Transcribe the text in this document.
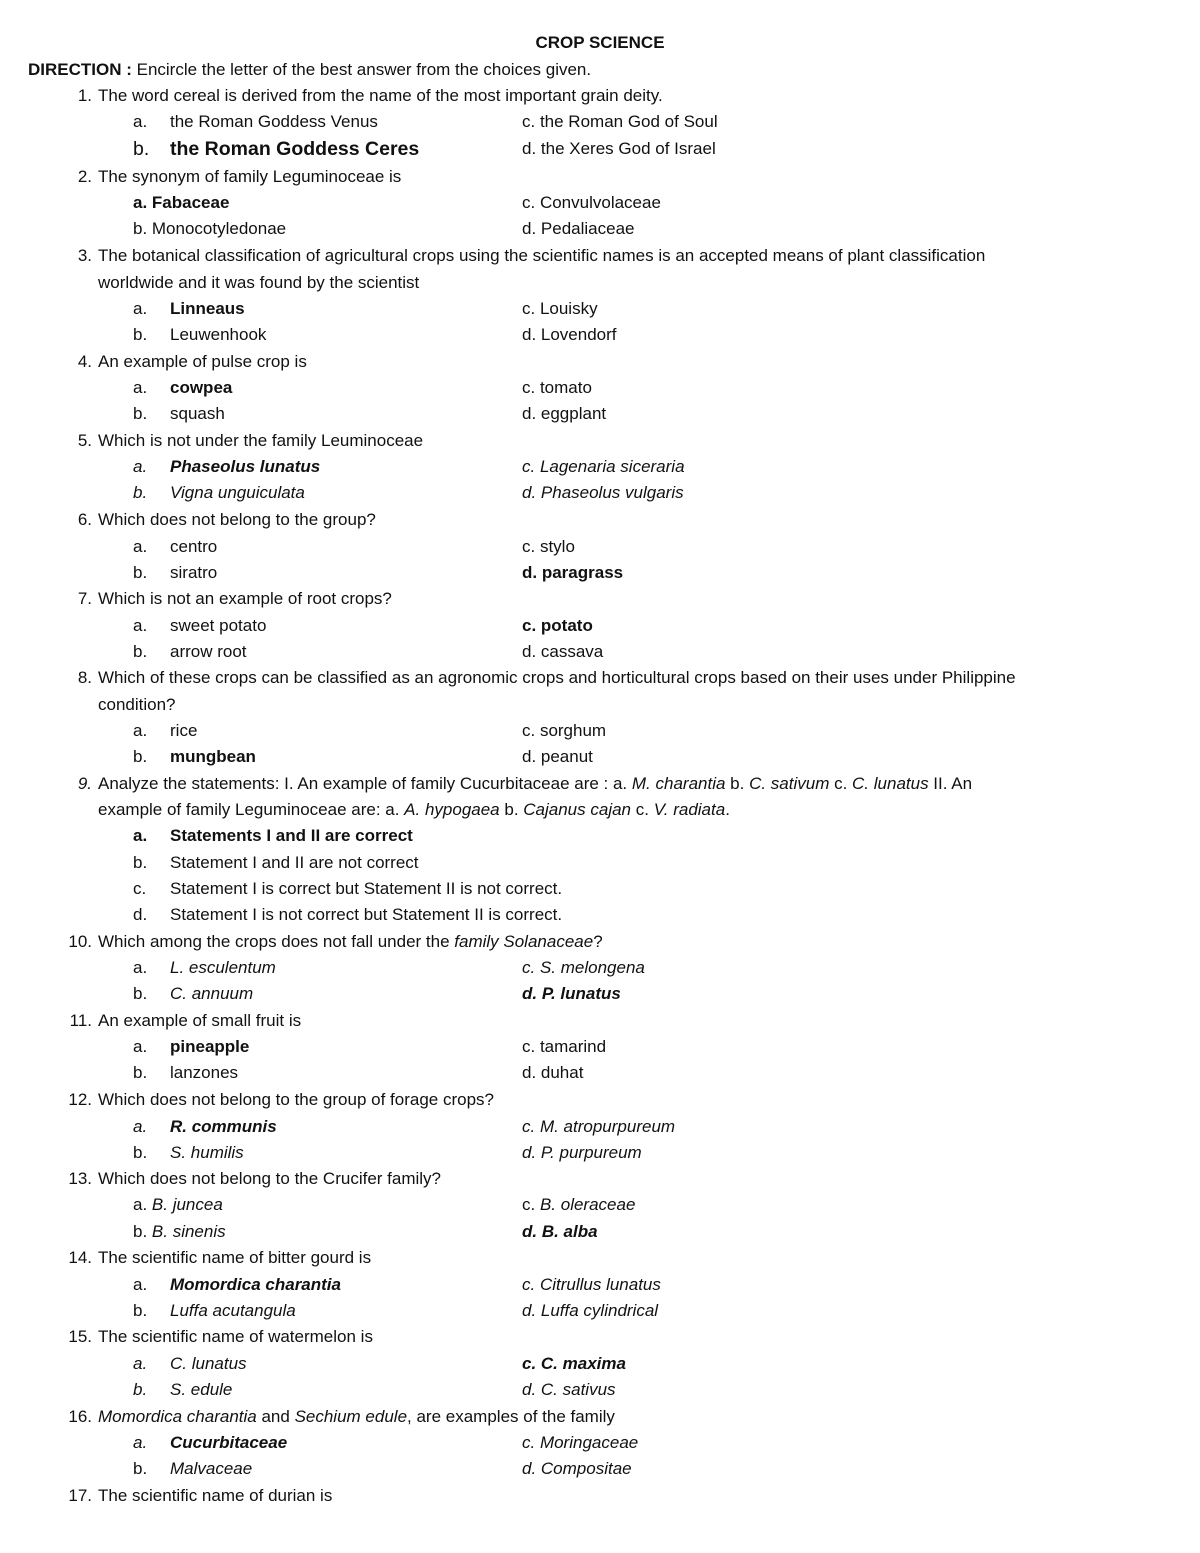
CROP SCIENCE
DIRECTION : Encircle the letter of the best answer from the choices given.
1. The word cereal is derived from the name of the most important grain deity.
a.	the Roman Goddess Venus	c. the Roman God of Soul
b.	the Roman Goddess Ceres	d. the Xeres God of Israel
2. The synonym of family Leguminoceae is
a. Fabaceae	c. Convulvolaceae
b. Monocotyledonae	d. Pedaliaceae
3. The botanical classification of agricultural crops using the scientific names is an accepted means of plant classification
worldwide and it was found by the scientist
a.	Linneaus	c. Louisky
b.	Leuwenhook	d. Lovendorf
4. An example of pulse crop is
a.	cowpea	c. tomato
b.	squash	d. eggplant
5. Which is not under the family Leuminoceae
a.	Phaseolus lunatus	c. Lagenaria siceraria
b.	Vigna unguiculata	d. Phaseolus vulgaris
6. Which does not belong to the group?
a.	centro	c. stylo
b.	siratro	d. paragrass
7. Which is not an example of root crops?
a.	sweet potato	c. potato
b.	arrow root	d. cassava
8. Which of these crops can be classified as an agronomic crops and horticultural crops based on their uses under Philippine
condition?
a.	rice	c. sorghum
b.	mungbean	d. peanut
9. Analyze the statements: I. An example of family Cucurbitaceae are : a. M. charantia b. C. sativum c. C. lunatus II. An
example of family Leguminoceae are: a. A. hypogaea b. Cajanus cajan c. V. radiata.
a.	Statements I and II are correct
b.	Statement I and II are not correct
c.	Statement I is correct but Statement II is not correct.
d.	Statement I is not correct but Statement II is correct.
10. Which among the crops does not fall under the family Solanaceae?
a.	L. esculentum	c. S. melongena
b.	C. annuum	d. P. lunatus
11. An example of small fruit is
a.	pineapple	c. tamarind
b.	lanzones	d. duhat
12. Which does not belong to the group of forage crops?
a.	R. communis	c. M. atropurpureum
b.	S. humilis	d. P. purpureum
13. Which does not belong to the Crucifer family?
a. B. juncea	c. B. oleraceae
b. B. sinenis	d. B. alba
14. The scientific name of bitter gourd is
a.	Momordica charantia	c. Citrullus lunatus
b.	Luffa acutangula	d. Luffa cylindrical
15. The scientific name of watermelon is
a.	C. lunatus	c. C. maxima
b.	S. edule	d. C. sativus
16. Momordica charantia and Sechium edule, are examples of the family
a.	Cucurbitaceae	c. Moringaceae
b.	Malvaceae	d. Compositae
17. The scientific name of durian is
